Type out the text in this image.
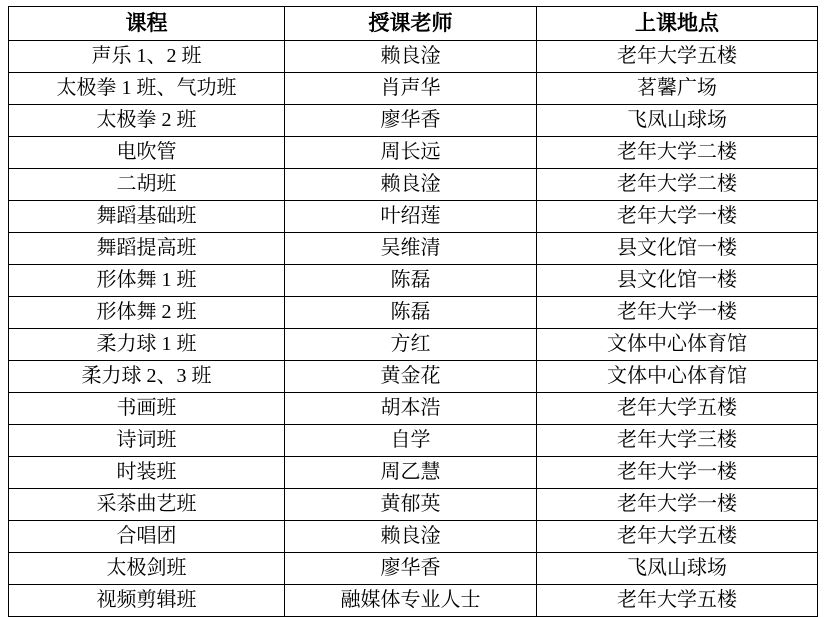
课程	授课老师	上课地点
声乐 1、2 班	赖良淦	老年大学五楼
太极拳 1 班、气功班	肖声华	茗馨广场
太极拳 2 班	廖华香	飞凤山球场
电吹管	周长远	老年大学二楼
二胡班	赖良淦	老年大学二楼
舞蹈基础班	叶绍莲	老年大学一楼
舞蹈提高班	吴维清	县文化馆一楼
形体舞 1 班	陈磊	县文化馆一楼
形体舞 2 班	陈磊	老年大学一楼
柔力球 1 班	方红	文体中心体育馆
柔力球 2、3 班	黄金花	文体中心体育馆
书画班	胡本浩	老年大学五楼
诗词班	自学	老年大学三楼
时装班	周乙慧	老年大学一楼
采茶曲艺班	黄郁英	老年大学一楼
合唱团	赖良淦	老年大学五楼
太极剑班	廖华香	飞凤山球场
视频剪辑班	融媒体专业人士	老年大学五楼
